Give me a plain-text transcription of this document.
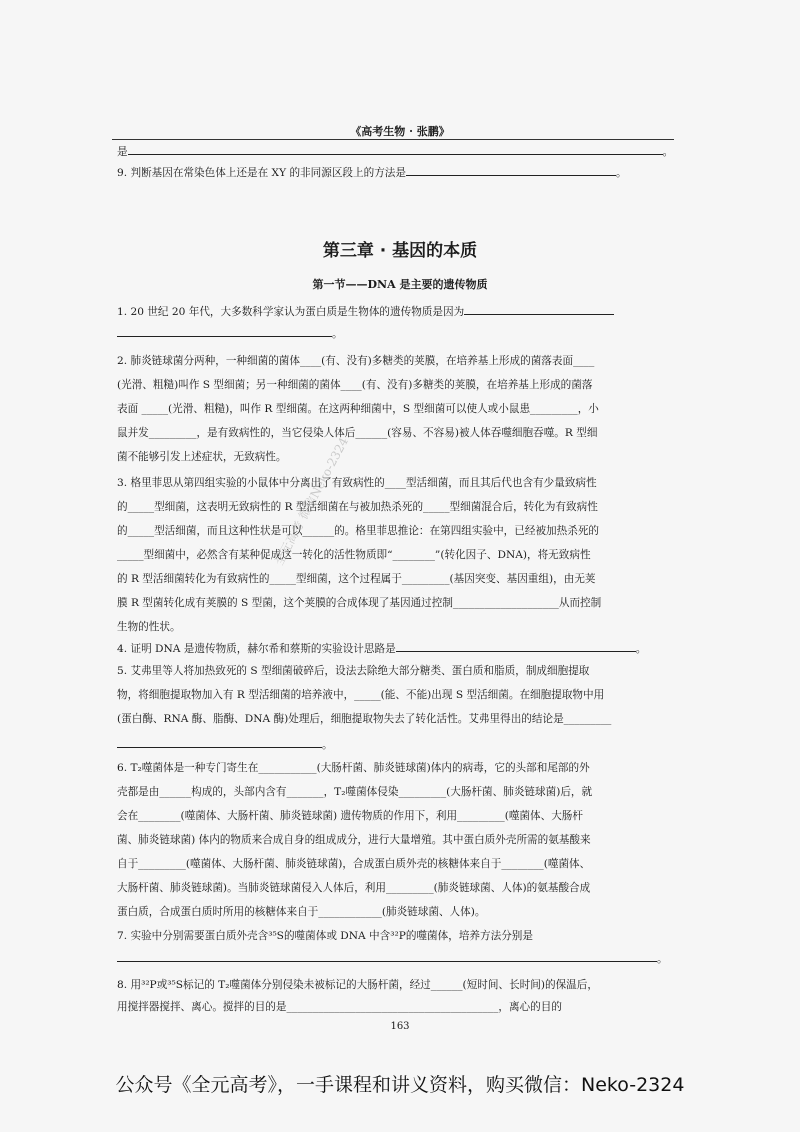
《高考生物 · 张鹏》
是	。
9. 判断基因在常染色体上还是在 XY 的非同源区段上的方法是	。
第三章 · 基因的本质
第一节——DNA 是主要的遗传物质
全元高考 微信Neko-2324
1. 20 世纪 20 年代，大多数科学家认为蛋白质是生物体的遗传物质是因为
。
2. 肺炎链球菌分两种，一种细菌的菌体____(有、没有)多糖类的荚膜，在培养基上形成的菌落表面____
(光滑、粗糙)叫作 S 型细菌；另一种细菌的菌体____(有、没有)多糖类的荚膜，在培养基上形成的菌落
表面 _____(光滑、粗糙)，叫作 R 型细菌。在这两种细菌中，S 型细菌可以使人或小鼠患_________，小
鼠并发_________，是有致病性的，当它侵染人体后______(容易、不容易)被人体吞噬细胞吞噬。R 型细
菌不能够引发上述症状，无致病性。
3. 格里菲思从第四组实验的小鼠体中分离出了有致病性的____型活细菌，而且其后代也含有少量致病性
的_____型细菌，这表明无致病性的 R 型活细菌在与被加热杀死的_____型细菌混合后，转化为有致病性
的_____型活细菌，而且这种性状是可以______的。格里菲思推论：在第四组实验中，已经被加热杀死的
_____型细菌中，必然含有某种促成这一转化的活性物质即“________”(转化因子、DNA)，将无致病性
的 R 型活细菌转化为有致病性的_____型细菌，这个过程属于_________(基因突变、基因重组)，由无荚
膜 R 型菌转化成有荚膜的 S 型菌，这个荚膜的合成体现了基因通过控制____________________从而控制
生物的性状。
4. 证明 DNA 是遗传物质，赫尔希和蔡斯的实验设计思路是	。
5. 艾弗里等人将加热致死的 S 型细菌破碎后，设法去除绝大部分糖类、蛋白质和脂质，制成细胞提取
物，将细胞提取物加入有 R 型活细菌的培养液中，_____(能、不能)出现 S 型活细菌。在细胞提取物中用
(蛋白酶、RNA 酶、脂酶、DNA 酶)处理后，细胞提取物失去了转化活性。艾弗里得出的结论是_________
。
6. T₂噬菌体是一种专门寄生在___________(大肠杆菌、肺炎链球菌)体内的病毒，它的头部和尾部的外
壳都是由______构成的，头部内含有_______，T₂噬菌体侵染_________(大肠杆菌、肺炎链球菌)后，就
会在________(噬菌体、大肠杆菌、肺炎链球菌) 遗传物质的作用下，利用_________(噬菌体、大肠杆
菌、肺炎链球菌) 体内的物质来合成自身的组成成分，进行大量增殖。其中蛋白质外壳所需的氨基酸来
自于_________(噬菌体、大肠杆菌、肺炎链球菌)，合成蛋白质外壳的核糖体来自于________(噬菌体、
大肠杆菌、肺炎链球菌)。当肺炎链球菌侵入人体后，利用_________(肺炎链球菌、人体)的氨基酸合成
蛋白质，合成蛋白质时所用的核糖体来自于____________(肺炎链球菌、人体)。
7. 实验中分别需要蛋白质外壳含³⁵S的噬菌体或 DNA 中含³²P的噬菌体，培养方法分别是
。
8. 用³²P或³⁵S标记的 T₂噬菌体分别侵染未被标记的大肠杆菌，经过______(短时间、长时间)的保温后，
用搅拌器搅拌、离心。搅拌的目的是________________________________________，离心的目的
163
公众号《全元高考》，一手课程和讲义资料，购买微信：Neko-2324
